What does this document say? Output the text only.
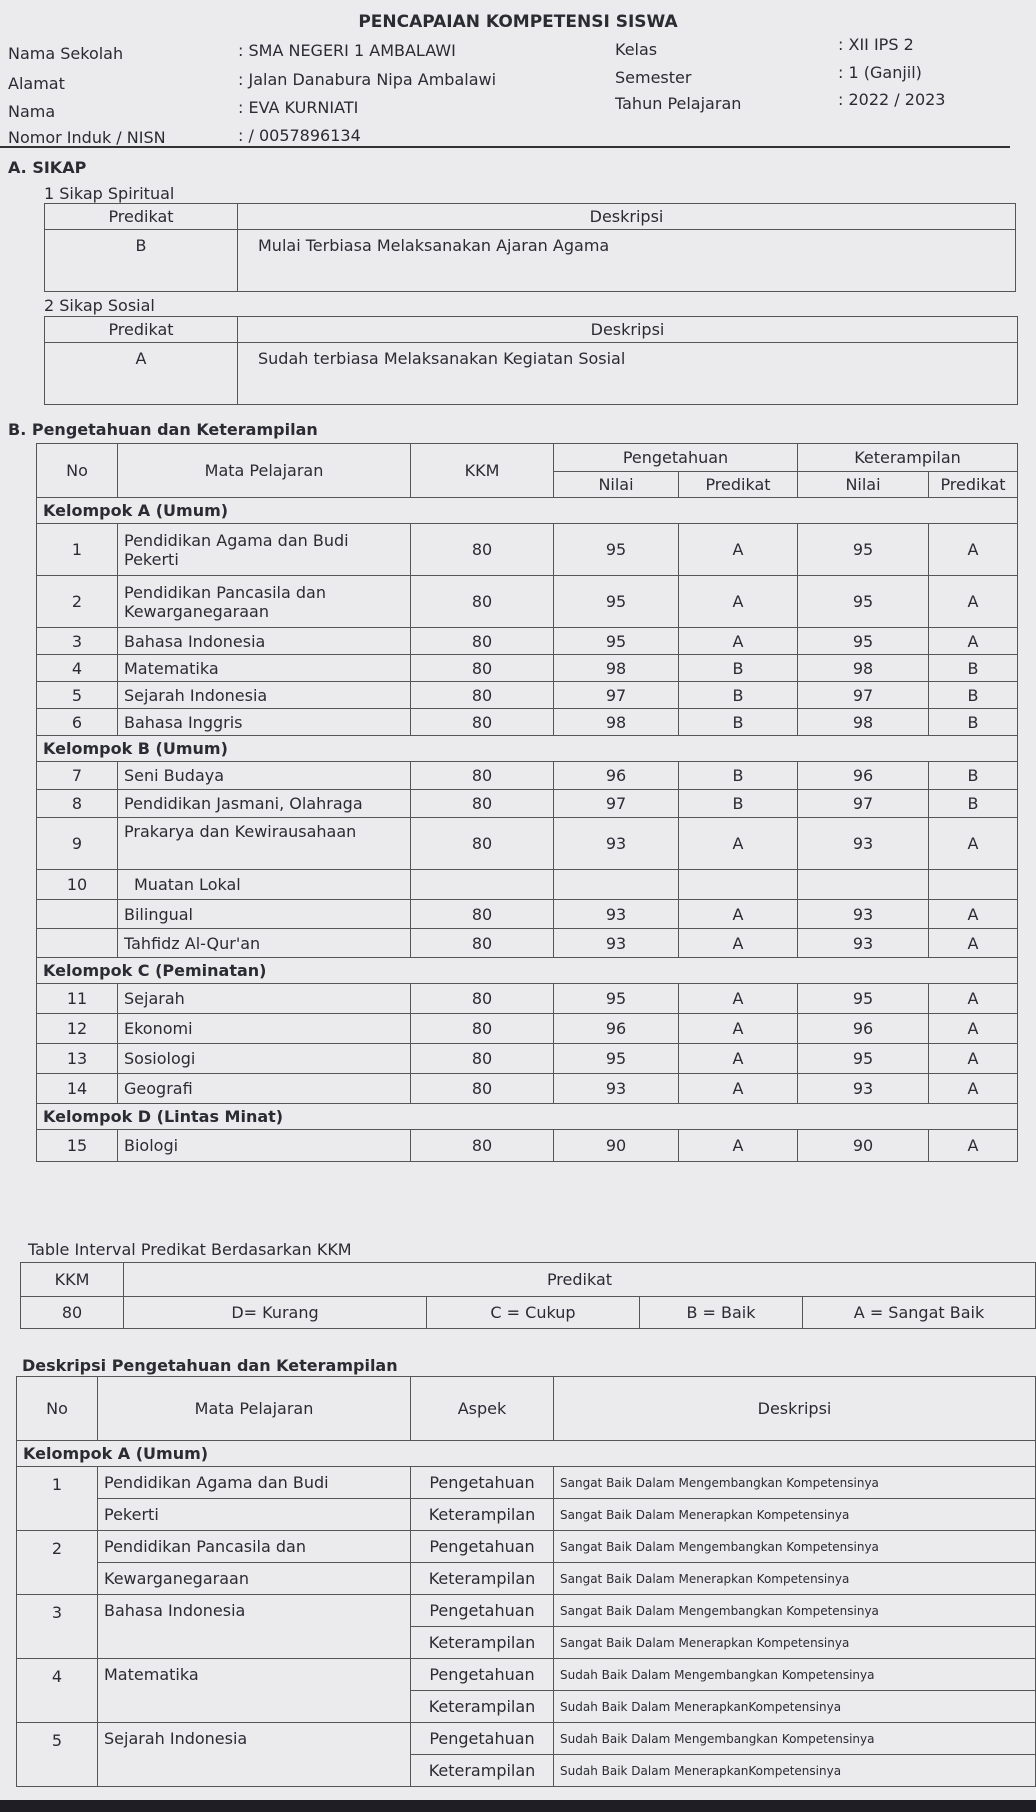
PENCAPAIAN KOMPETENSI SISWA
Nama Sekolah	: SMA NEGERI 1 AMBALAWI
Alamat	: Jalan Danabura Nipa Ambalawi
Nama	: EVA KURNIATI
Nomor Induk / NISN	: / 0057896134
Kelas	: XII IPS 2
Semester	: 1 (Ganjil)
Tahun Pelajaran	: 2022 / 2023
A. SIKAP
1 Sikap Spiritual
Predikat	Deskripsi
B	Mulai Terbiasa Melaksanakan Ajaran Agama
2 Sikap Sosial
Predikat	Deskripsi
A	Sudah terbiasa Melaksanakan Kegiatan Sosial
B. Pengetahuan dan Keterampilan
No	Mata Pelajaran	KKM	Pengetahuan		Keterampilan	
			Nilai	Predikat	Nilai	Predikat
Kelompok A (Umum)						
1	Pendidikan Agama dan Budi Pekerti	80	95	A	95	A
2	Pendidikan Pancasila dan Kewarganegaraan	80	95	A	95	A
3	Bahasa Indonesia	80	95	A	95	A
4	Matematika	80	98	B	98	B
5	Sejarah Indonesia	80	97	B	97	B
6	Bahasa Inggris	80	98	B	98	B
Kelompok B (Umum)						
7	Seni Budaya	80	96	B	96	B
8	Pendidikan Jasmani, Olahraga	80	97	B	97	B
9	Prakarya dan Kewirausahaan	80	93	A	93	A
10	Muatan Lokal					
	Bilingual	80	93	A	93	A
	Tahfidz Al-Qur'an	80	93	A	93	A
Kelompok C (Peminatan)						
11	Sejarah	80	95	A	95	A
12	Ekonomi	80	96	A	96	A
13	Sosiologi	80	95	A	95	A
14	Geografi	80	93	A	93	A
Kelompok D (Lintas Minat)						
15	Biologi	80	90	A	90	A
Table Interval Predikat Berdasarkan KKM
KKM	Predikat			
80	D= Kurang	C = Cukup	B = Baik	A = Sangat Baik
Deskripsi Pengetahuan dan Keterampilan
No	Mata Pelajaran	Aspek	Deskripsi
Kelompok A (Umum)			
1	Pendidikan Agama dan Budi	Pengetahuan	Sangat Baik Dalam Mengembangkan Kompetensinya
	Pekerti	Keterampilan	Sangat Baik Dalam Menerapkan Kompetensinya
2	Pendidikan Pancasila dan	Pengetahuan	Sangat Baik Dalam Mengembangkan Kompetensinya
	Kewarganegaraan	Keterampilan	Sangat Baik Dalam Menerapkan Kompetensinya
3	Bahasa Indonesia	Pengetahuan	Sangat Baik Dalam Mengembangkan Kompetensinya
		Keterampilan	Sangat Baik Dalam Menerapkan Kompetensinya
4	Matematika	Pengetahuan	Sudah Baik Dalam Mengembangkan Kompetensinya
		Keterampilan	Sudah Baik Dalam MenerapkanKompetensinya
5	Sejarah Indonesia	Pengetahuan	Sudah Baik Dalam Mengembangkan Kompetensinya
		Keterampilan	Sudah Baik Dalam MenerapkanKompetensinya
